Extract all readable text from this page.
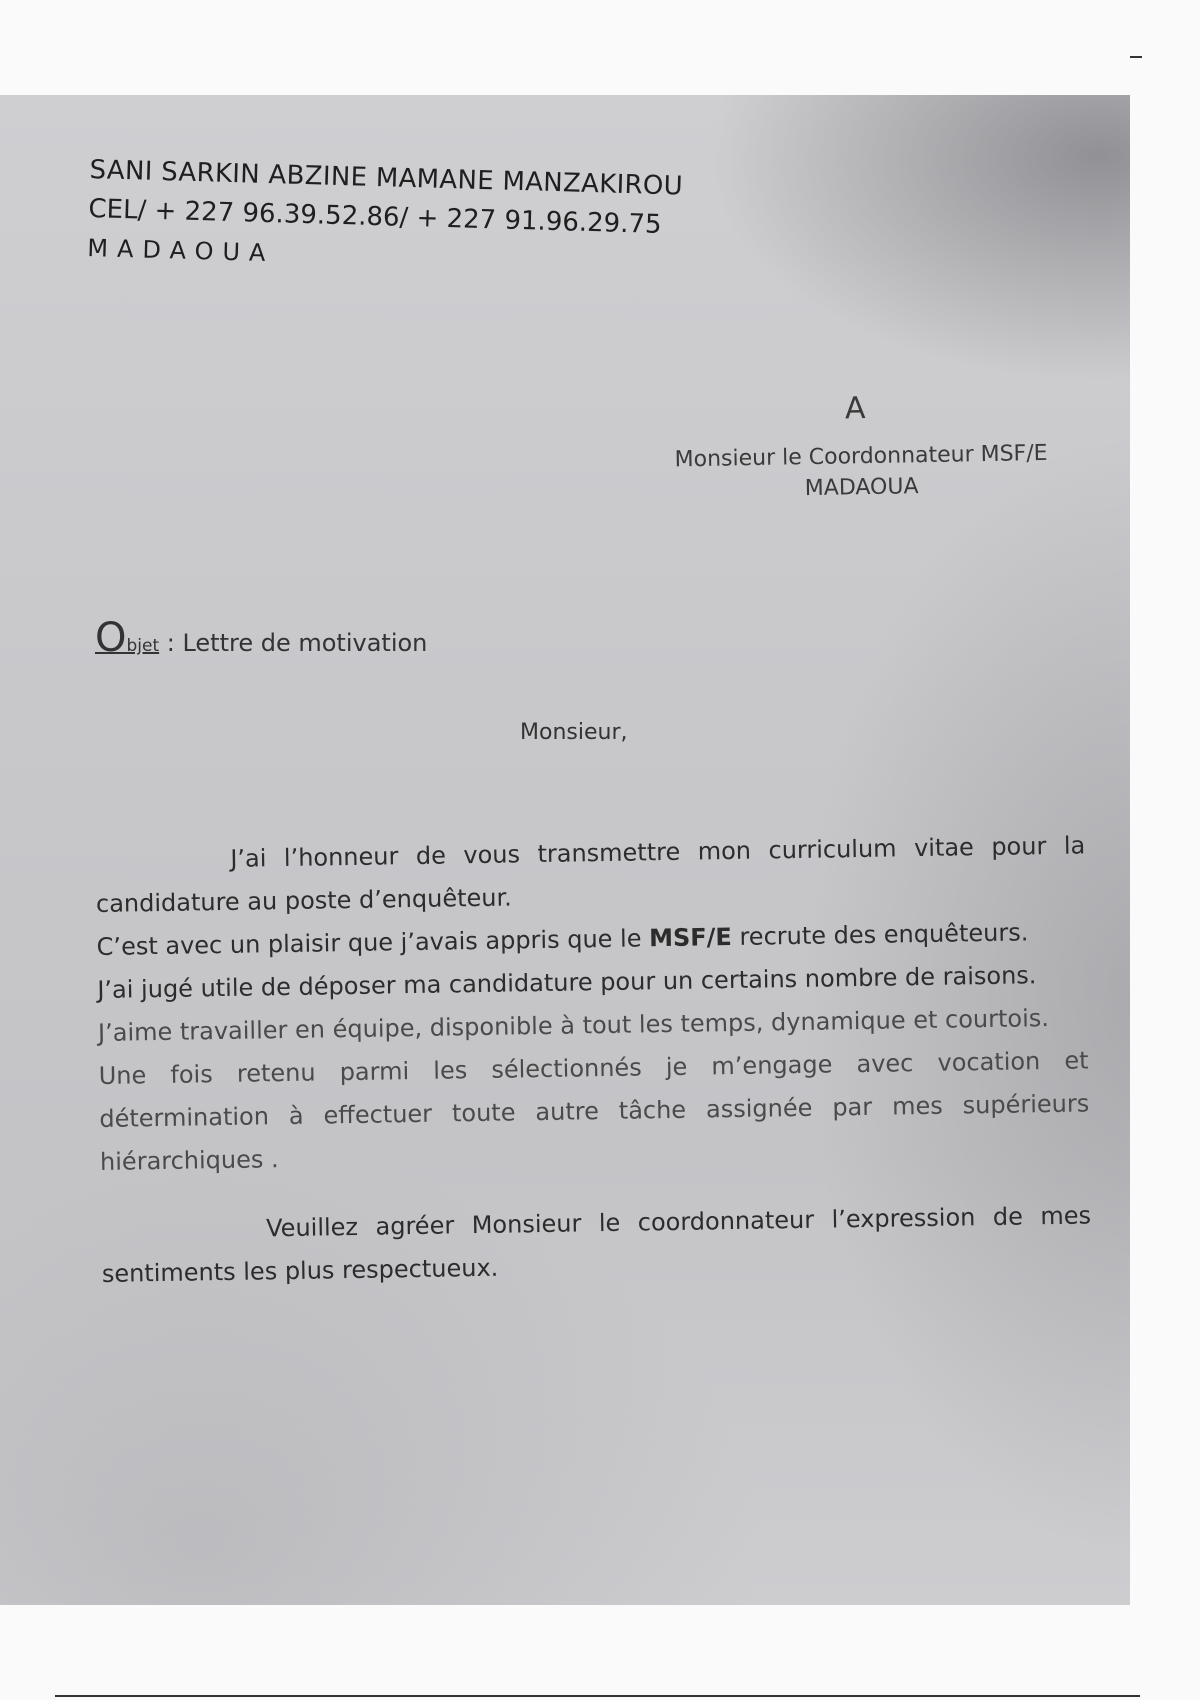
SANI SARKIN ABZINE MAMANE MANZAKIROU
CEL/ + 227 96.39.52.86/ + 227 91.96.29.75
MADAOUA
A
Monsieur le Coordonnateur MSF/E
MADAOUA
Objet : Lettre de motivation
Monsieur,

J’ai l’honneur de vous transmettre mon curriculum vitae pour la candidature au poste d’enquêteur.

C’est avec un plaisir que j’avais appris que le MSF/E recrute des enquêteurs.

J’ai jugé utile de déposer ma candidature pour un certains nombre de raisons.

J’aime travailler en équipe, disponible à tout les temps, dynamique et courtois.

Une fois retenu parmi les sélectionnés je m’engage avec vocation et détermination à effectuer toute autre tâche assignée par mes supérieurs hiérarchiques .

Veuillez agréer Monsieur le coordonnateur l’expression de mes sentiments les plus respectueux.
